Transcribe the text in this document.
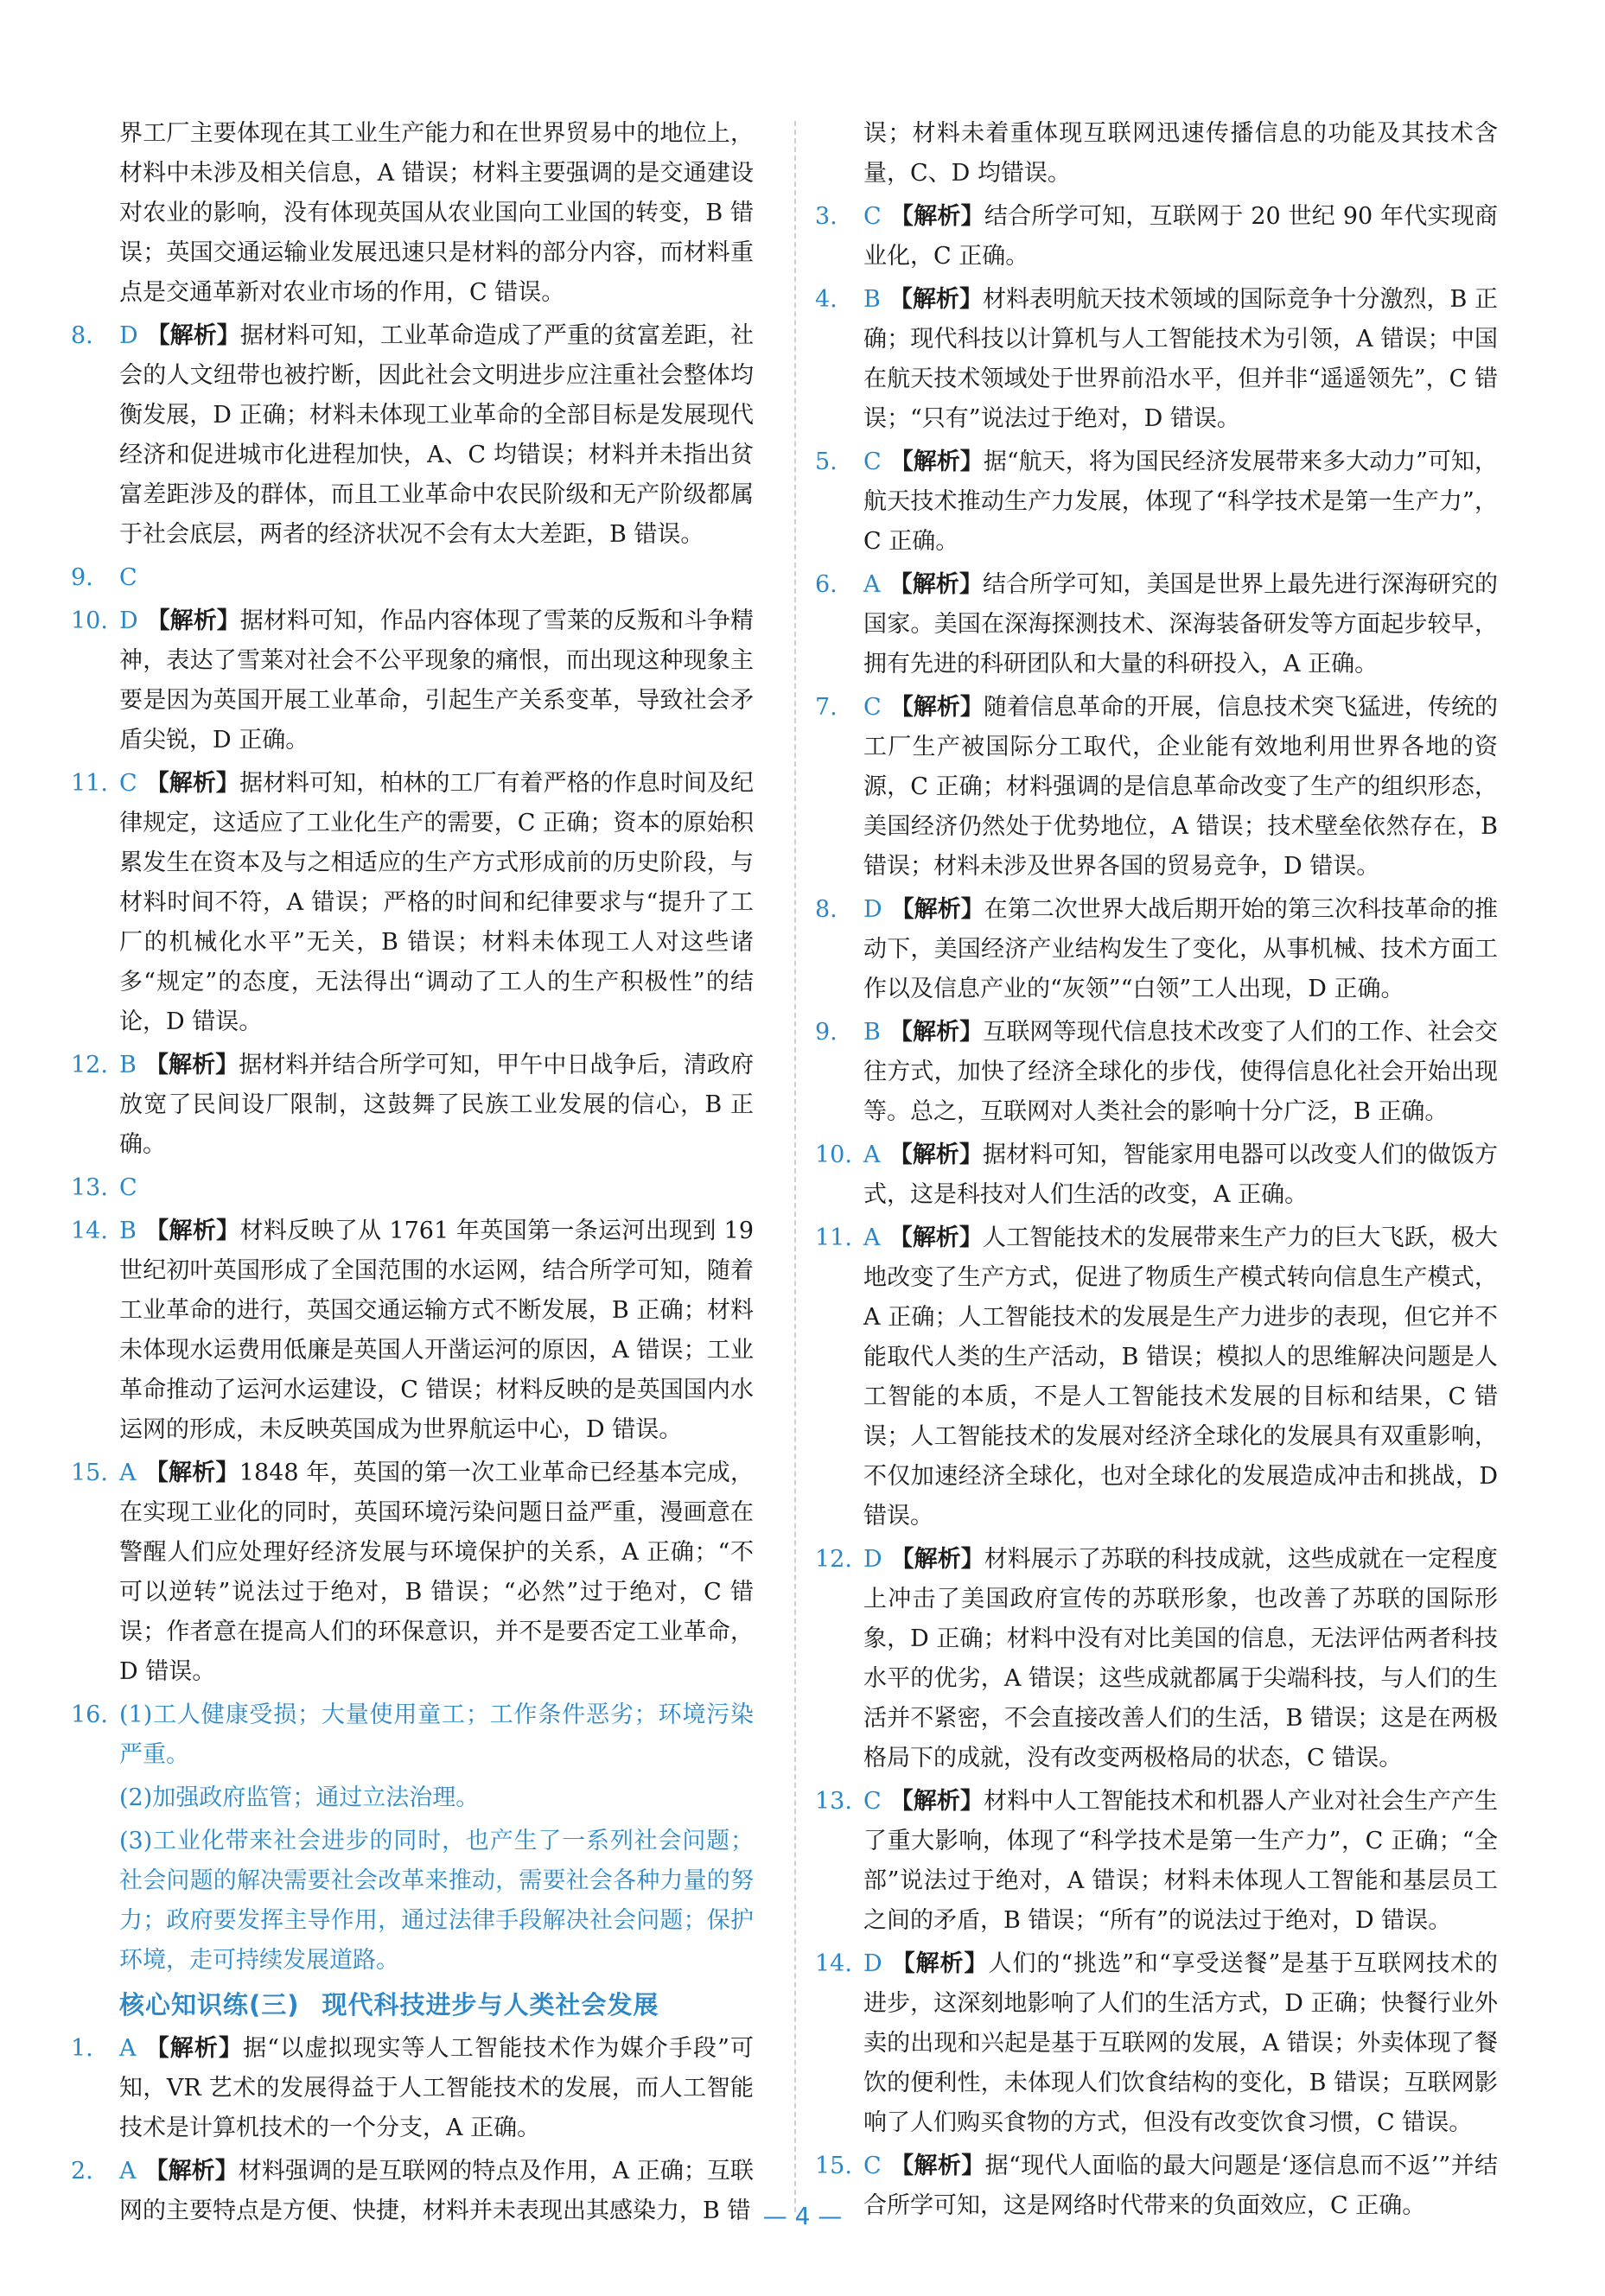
界工厂主要体现在其工业生产能力和在世界贸易中的地位上，材料中未涉及相关信息，A 错误；材料主要强调的是交通建设对农业的影响，没有体现英国从农业国向工业国的转变，B 错误；英国交通运输业发展迅速只是材料的部分内容，而材料重点是交通革新对农业市场的作用，C 错误。

8. D 【解析】据材料可知，工业革命造成了严重的贫富差距，社会的人文纽带也被拧断，因此社会文明进步应注重社会整体均衡发展，D 正确；材料未体现工业革命的全部目标是发展现代经济和促进城市化进程加快，A、C 均错误；材料并未指出贫富差距涉及的群体，而且工业革命中农民阶级和无产阶级都属于社会底层，两者的经济状况不会有太大差距，B 错误。

9. C

10. D 【解析】据材料可知，作品内容体现了雪莱的反叛和斗争精神，表达了雪莱对社会不公平现象的痛恨，而出现这种现象主要是因为英国开展工业革命，引起生产关系变革，导致社会矛盾尖锐，D 正确。

11. C 【解析】据材料可知，柏林的工厂有着严格的作息时间及纪律规定，这适应了工业化生产的需要，C 正确；资本的原始积累发生在资本及与之相适应的生产方式形成前的历史阶段，与材料时间不符，A 错误；严格的时间和纪律要求与“提升了工厂的机械化水平”无关，B 错误；材料未体现工人对这些诸多“规定”的态度，无法得出“调动了工人的生产积极性”的结论，D 错误。

12. B 【解析】据材料并结合所学可知，甲午中日战争后，清政府放宽了民间设厂限制，这鼓舞了民族工业发展的信心，B 正确。

13. C

14. B 【解析】材料反映了从 1761 年英国第一条运河出现到 19 世纪初叶英国形成了全国范围的水运网，结合所学可知，随着工业革命的进行，英国交通运输方式不断发展，B 正确；材料未体现水运费用低廉是英国人开凿运河的原因，A 错误；工业革命推动了运河水运建设，C 错误；材料反映的是英国国内水运网的形成，未反映英国成为世界航运中心，D 错误。

15. A 【解析】1848 年，英国的第一次工业革命已经基本完成，在实现工业化的同时，英国环境污染问题日益严重，漫画意在警醒人们应处理好经济发展与环境保护的关系，A 正确；“不可以逆转”说法过于绝对，B 错误；“必然”过于绝对，C 错误；作者意在提高人们的环保意识，并不是要否定工业革命，D 错误。

16. (1)工人健康受损；大量使用童工；工作条件恶劣；环境污染严重。

(2)加强政府监管；通过立法治理。

(3)工业化带来社会进步的同时，也产生了一系列社会问题；社会问题的解决需要社会改革来推动，需要社会各种力量的努力；政府要发挥主导作用，通过法律手段解决社会问题；保护环境，走可持续发展道路。

核心知识练(三) 现代科技进步与人类社会发展

1. A 【解析】据“以虚拟现实等人工智能技术作为媒介手段”可知，VR 艺术的发展得益于人工智能技术的发展，而人工智能技术是计算机技术的一个分支，A 正确。

2. A 【解析】材料强调的是互联网的特点及作用，A 正确；互联网的主要特点是方便、快捷，材料并未表现出其感染力，B 错

误；材料未着重体现互联网迅速传播信息的功能及其技术含量，C、D 均错误。

3. C 【解析】结合所学可知，互联网于 20 世纪 90 年代实现商业化，C 正确。

4. B 【解析】材料表明航天技术领域的国际竞争十分激烈，B 正确；现代科技以计算机与人工智能技术为引领，A 错误；中国在航天技术领域处于世界前沿水平，但并非“遥遥领先”，C 错误；“只有”说法过于绝对，D 错误。

5. C 【解析】据“航天，将为国民经济发展带来多大动力”可知，航天技术推动生产力发展，体现了“科学技术是第一生产力”，C 正确。

6. A 【解析】结合所学可知，美国是世界上最先进行深海研究的国家。美国在深海探测技术、深海装备研发等方面起步较早，拥有先进的科研团队和大量的科研投入，A 正确。

7. C 【解析】随着信息革命的开展，信息技术突飞猛进，传统的工厂生产被国际分工取代，企业能有效地利用世界各地的资源，C 正确；材料强调的是信息革命改变了生产的组织形态，美国经济仍然处于优势地位，A 错误；技术壁垒依然存在，B 错误；材料未涉及世界各国的贸易竞争，D 错误。

8. D 【解析】在第二次世界大战后期开始的第三次科技革命的推动下，美国经济产业结构发生了变化，从事机械、技术方面工作以及信息产业的“灰领”“白领”工人出现，D 正确。

9. B 【解析】互联网等现代信息技术改变了人们的工作、社会交往方式，加快了经济全球化的步伐，使得信息化社会开始出现等。总之，互联网对人类社会的影响十分广泛，B 正确。

10. A 【解析】据材料可知，智能家用电器可以改变人们的做饭方式，这是科技对人们生活的改变，A 正确。

11. A 【解析】人工智能技术的发展带来生产力的巨大飞跃，极大地改变了生产方式，促进了物质生产模式转向信息生产模式，A 正确；人工智能技术的发展是生产力进步的表现，但它并不能取代人类的生产活动，B 错误；模拟人的思维解决问题是人工智能的本质，不是人工智能技术发展的目标和结果，C 错误；人工智能技术的发展对经济全球化的发展具有双重影响，不仅加速经济全球化，也对全球化的发展造成冲击和挑战，D 错误。

12. D 【解析】材料展示了苏联的科技成就，这些成就在一定程度上冲击了美国政府宣传的苏联形象，也改善了苏联的国际形象，D 正确；材料中没有对比美国的信息，无法评估两者科技水平的优劣，A 错误；这些成就都属于尖端科技，与人们的生活并不紧密，不会直接改善人们的生活，B 错误；这是在两极格局下的成就，没有改变两极格局的状态，C 错误。

13. C 【解析】材料中人工智能技术和机器人产业对社会生产产生了重大影响，体现了“科学技术是第一生产力”，C 正确；“全部”说法过于绝对，A 错误；材料未体现人工智能和基层员工之间的矛盾，B 错误；“所有”的说法过于绝对，D 错误。

14. D 【解析】人们的“挑选”和“享受送餐”是基于互联网技术的进步，这深刻地影响了人们的生活方式，D 正确；快餐行业外卖的出现和兴起是基于互联网的发展，A 错误；外卖体现了餐饮的便利性，未体现人们饮食结构的变化，B 错误；互联网影响了人们购买食物的方式，但没有改变饮食习惯，C 错误。

15. C 【解析】据“现代人面临的最大问题是‘逐信息而不返’”并结合所学可知，这是网络时代带来的负面效应，C 正确。

— 4 —
